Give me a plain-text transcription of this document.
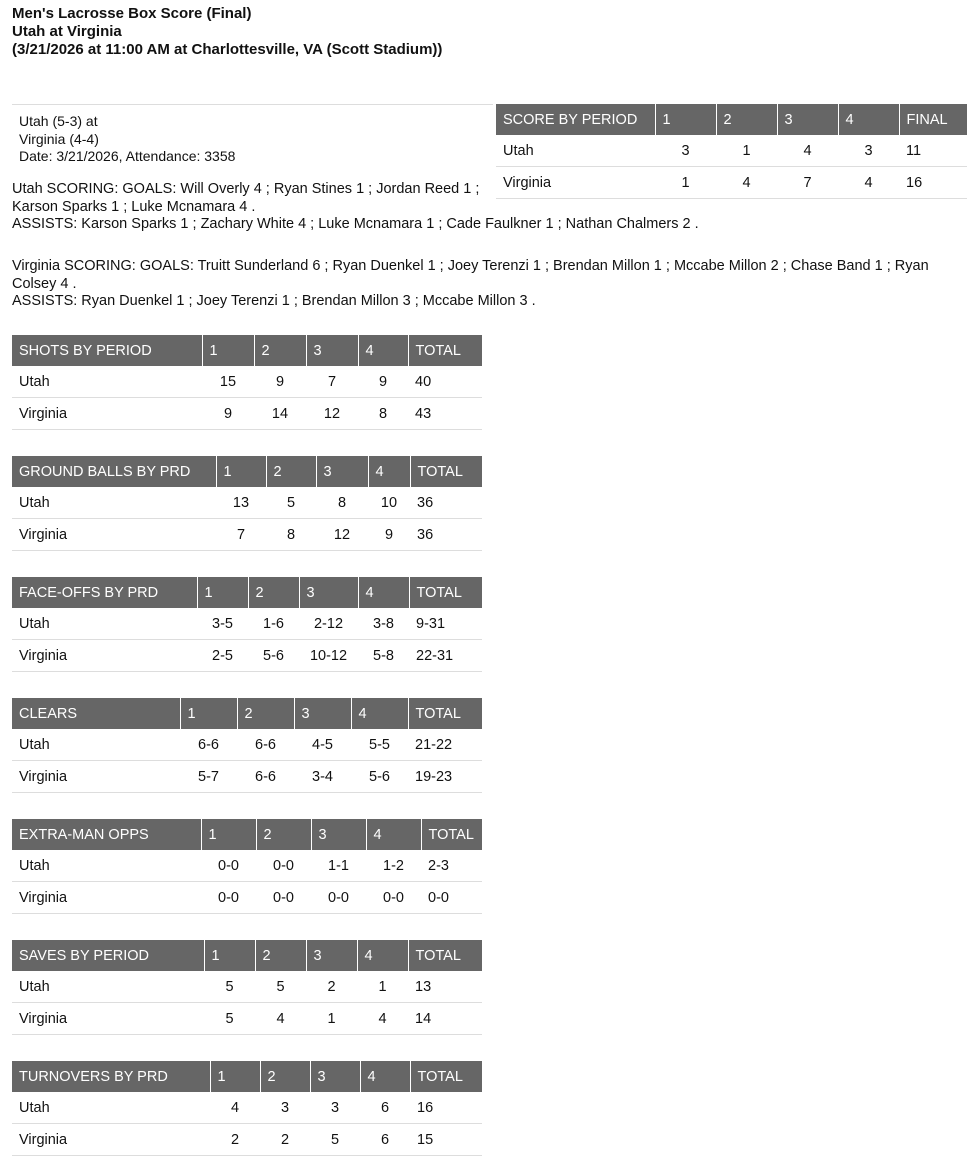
Men's Lacrosse Box Score (Final)
Utah at Virginia
(3/21/2026 at 11:00 AM at Charlottesville, VA (Scott Stadium))
Utah (5-3) at
Virginia (4-4)
Date: 3/21/2026, Attendance: 3358
SCORE BY PERIOD	1	2	3	4	FINAL
Utah	3	1	4	3	11
Virginia	1	4	7	4	16
Utah SCORING: GOALS: Will Overly 4 ; Ryan Stines 1 ; Jordan Reed 1 ; Karson Sparks 1 ; Luke Mcnamara 4 .
ASSISTS: Karson Sparks 1 ; Zachary White 4 ; Luke Mcnamara 1 ; Cade Faulkner 1 ; Nathan Chalmers 2 .
Virginia SCORING: GOALS: Truitt Sunderland 6 ; Ryan Duenkel 1 ; Joey Terenzi 1 ; Brendan Millon 1 ; Mccabe Millon 2 ; Chase Band 1 ; Ryan Colsey 4 .
ASSISTS: Ryan Duenkel 1 ; Joey Terenzi 1 ; Brendan Millon 3 ; Mccabe Millon 3 .
SHOTS BY PERIOD	1	2	3	4	TOTAL
Utah	15	9	7	9	40
Virginia	9	14	12	8	43
GROUND BALLS BY PRD	1	2	3	4	TOTAL
Utah	13	5	8	10	36
Virginia	7	8	12	9	36
FACE-OFFS BY PRD	1	2	3	4	TOTAL
Utah	3-5	1-6	2-12	3-8	9-31
Virginia	2-5	5-6	10-12	5-8	22-31
CLEARS	1	2	3	4	TOTAL
Utah	6-6	6-6	4-5	5-5	21-22
Virginia	5-7	6-6	3-4	5-6	19-23
EXTRA-MAN OPPS	1	2	3	4	TOTAL
Utah	0-0	0-0	1-1	1-2	2-3
Virginia	0-0	0-0	0-0	0-0	0-0
SAVES BY PERIOD	1	2	3	4	TOTAL
Utah	5	5	2	1	13
Virginia	5	4	1	4	14
TURNOVERS BY PRD	1	2	3	4	TOTAL
Utah	4	3	3	6	16
Virginia	2	2	5	6	15
